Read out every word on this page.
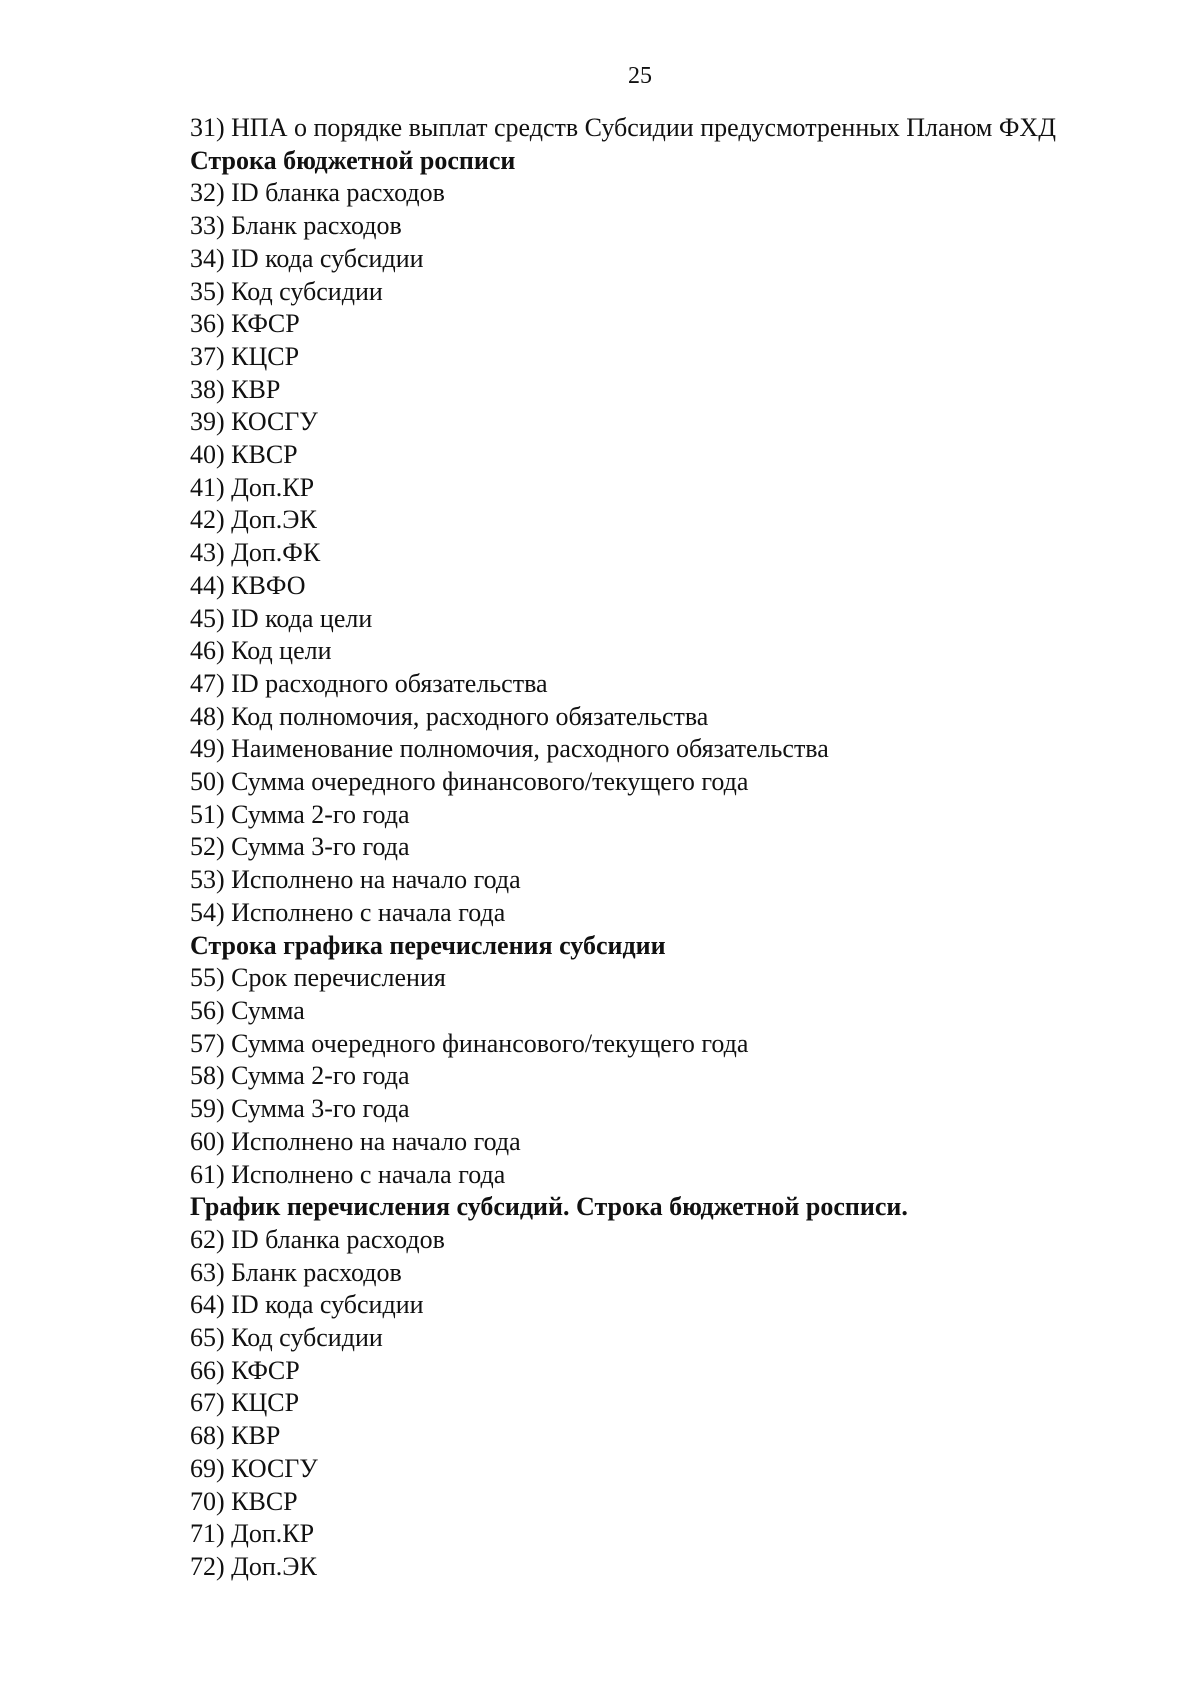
25

31) НПА о порядке выплат средств Субсидии предусмотренных Планом ФХД

Строка бюджетной росписи

32) ID бланка расходов

33) Бланк расходов

34) ID кода субсидии

35) Код субсидии

36) КФСР

37) КЦСР

38) КВР

39) КОСГУ

40) КВСР

41) Доп.КР

42) Доп.ЭК

43) Доп.ФК

44) КВФО

45) ID кода цели

46) Код цели

47) ID расходного обязательства

48) Код полномочия, расходного обязательства

49) Наименование полномочия, расходного обязательства

50) Сумма очередного финансового/текущего года

51) Сумма 2-го года

52) Сумма 3-го года

53) Исполнено на начало года

54) Исполнено с начала года

Строка графика перечисления субсидии

55) Срок перечисления

56) Сумма

57) Сумма очередного финансового/текущего года

58) Сумма 2-го года

59) Сумма 3-го года

60) Исполнено на начало года

61) Исполнено с начала года

График перечисления субсидий. Строка бюджетной росписи.

62) ID бланка расходов

63) Бланк расходов

64) ID кода субсидии

65) Код субсидии

66) КФСР

67) КЦСР

68) КВР

69) КОСГУ

70) КВСР

71) Доп.КР

72) Доп.ЭК
